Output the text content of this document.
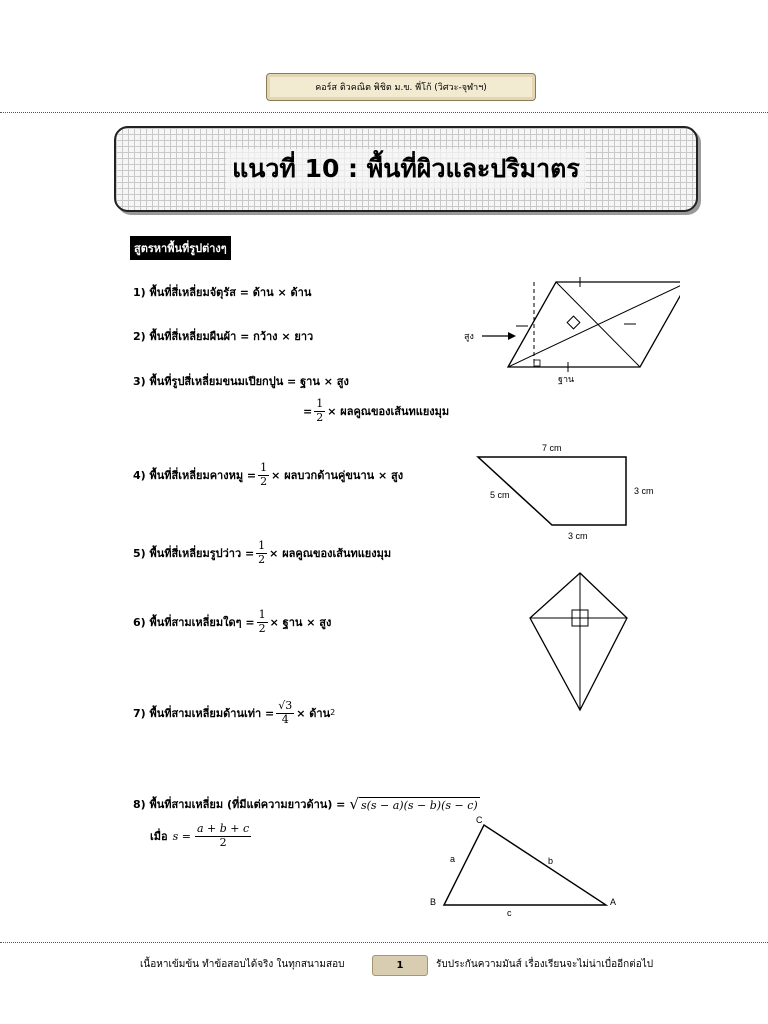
คอร์ส ติวคณิต พิชิต ม.ข. พี่โก้ (วิศวะ-จุฬาฯ)
แนวที่ 10 : พื้นที่ผิวและปริมาตร
สูตรหาพื้นที่รูปต่างๆ
1) พื้นที่สี่เหลี่ยมจัตุรัส = ด้าน × ด้าน
2) พื้นที่สี่เหลี่ยมผืนผ้า = กว้าง × ยาว
3) พื้นที่รูปสี่เหลี่ยมขนมเปียกปูน = ฐาน × สูง
= $\frac{1}{2}$ × ผลคูณของเส้นทแยงมุม
4) พื้นที่สี่เหลี่ยมคางหมู = $\frac{1}{2}$ × ผลบวกด้านคู่ขนาน × สูง
5) พื้นที่สี่เหลี่ยมรูปว่าว = $\frac{1}{2}$ × ผลคูณของเส้นทแยงมุม
6) พื้นที่สามเหลี่ยมใดๆ = $\frac{1}{2}$ × ฐาน × สูง
7) พื้นที่สามเหลี่ยมด้านเท่า = $\frac{√3}{4}$ × ด้าน 2
8) พื้นที่สามเหลี่ยม (ที่มีแต่ความยาวด้าน) = √ s(s − a)(s − b)(s − c)
เมื่อ $s = \frac{a + b + c}{2}$
สูง
ฐาน
7 cm
5 cm	3 cm
3 cm
C
B	A
a	b
c
เนื้อหาเข้มข้น ทำข้อสอบได้จริง ในทุกสนามสอบ	1	รับประกันความมันส์ เรื่องเรียนจะไม่น่าเบื่ออีกต่อไป
